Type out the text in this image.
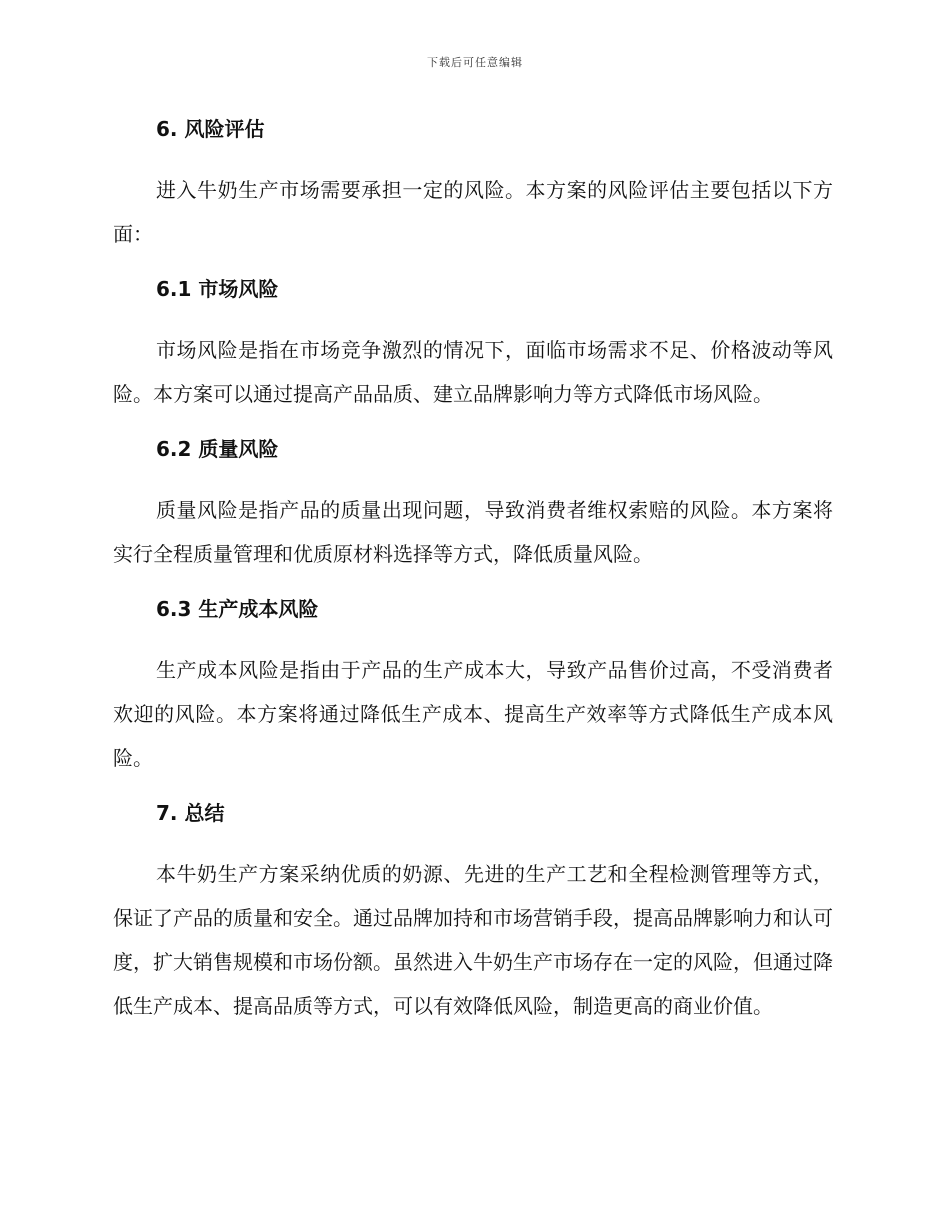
下载后可任意编辑
6. 风险评估

进入牛奶生产市场需要承担一定的风险。本方案的风险评估主要包括以下方面：

6.1 市场风险

市场风险是指在市场竞争激烈的情况下，面临市场需求不足、价格波动等风险。本方案可以通过提高产品品质、建立品牌影响力等方式降低市场风险。

6.2 质量风险

质量风险是指产品的质量出现问题，导致消费者维权索赔的风险。本方案将实行全程质量管理和优质原材料选择等方式，降低质量风险。

6.3 生产成本风险

生产成本风险是指由于产品的生产成本大，导致产品售价过高，不受消费者欢迎的风险。本方案将通过降低生产成本、提高生产效率等方式降低生产成本风险。

7. 总结

本牛奶生产方案采纳优质的奶源、先进的生产工艺和全程检测管理等方式，保证了产品的质量和安全。通过品牌加持和市场营销手段，提高品牌影响力和认可度，扩大销售规模和市场份额。虽然进入牛奶生产市场存在一定的风险，但通过降低生产成本、提高品质等方式，可以有效降低风险，制造更高的商业价值。
